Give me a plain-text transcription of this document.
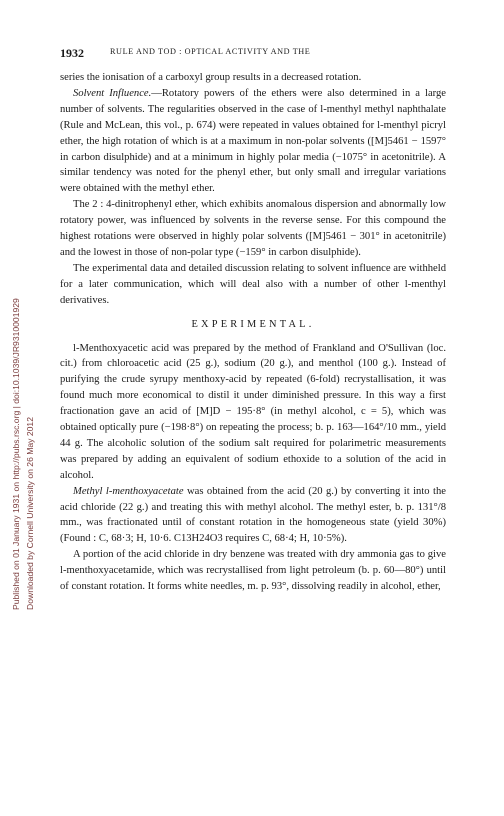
Downloaded by Cornell University on 26 May 2012
Published on 01 January 1931 on http://pubs.rsc.org | doi:10.1039/JR9310001929
1932	RULE AND TOD : OPTICAL ACTIVITY AND THE

series the ionisation of a carboxyl group results in a decreased rotation.

Solvent Influence.—Rotatory powers of the ethers were also determined in a large number of solvents. The regularities observed in the case of l-menthyl methyl naphthalate (Rule and McLean, this vol., p. 674) were repeated in values obtained for l-menthyl picryl ether, the high rotation of which is at a maximum in non-polar solvents ([M]5461 − 1597° in carbon disulphide) and at a minimum in highly polar media (−1075° in acetonitrile). A similar tendency was noted for the phenyl ether, but only small and irregular variations were obtained with the methyl ether.

The 2 : 4-dinitrophenyl ether, which exhibits anomalous dispersion and abnormally low rotatory power, was influenced by solvents in the reverse sense. For this compound the highest rotations were observed in highly polar solvents ([M]5461 − 301° in acetonitrile) and the lowest in those of non-polar type (−159° in carbon disulphide).

The experimental data and detailed discussion relating to solvent influence are withheld for a later communication, which will deal also with a number of other l-menthyl derivatives.

EXPERIMENTAL.

l-Menthoxyacetic acid was prepared by the method of Frankland and O'Sullivan (loc. cit.) from chloroacetic acid (25 g.), sodium (20 g.), and menthol (100 g.). Instead of purifying the crude syrupy menthoxy-acid by repeated (6-fold) recrystallisation, it was found much more economical to distil it under diminished pressure. In this way a first fractionation gave an acid of [M]D − 195·8° (in methyl alcohol, c = 5), which was obtained optically pure (−198·8°) on repeating the process; b. p. 163—164°/10 mm., yield 44 g. The alcoholic solution of the sodium salt required for polarimetric measurements was prepared by adding an equivalent of sodium ethoxide to a solution of the acid in alcohol.

Methyl l-menthoxyacetate was obtained from the acid (20 g.) by converting it into the acid chloride (22 g.) and treating this with methyl alcohol. The methyl ester, b. p. 131°/8 mm., was fractionated until of constant rotation in the homogeneous state (yield 30%) (Found : C, 68·3; H, 10·6. C13H24O3 requires C, 68·4; H, 10·5%).

A portion of the acid chloride in dry benzene was treated with dry ammonia gas to give l-menthoxyacetamide, which was recrystallised from light petroleum (b. p. 60—80°) until of constant rotation. It forms white needles, m. p. 93°, dissolving readily in alcohol, ether,
